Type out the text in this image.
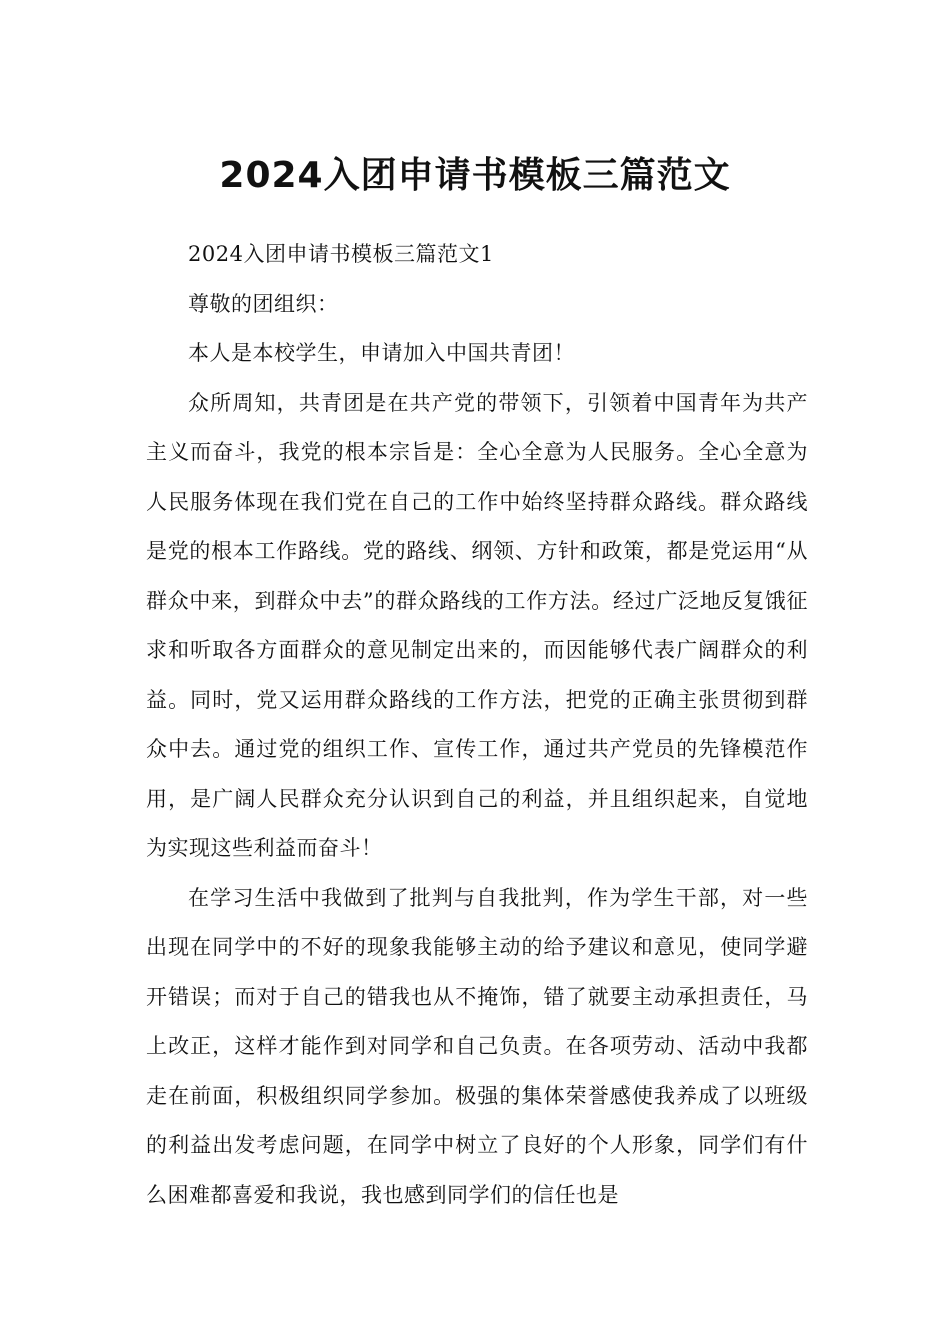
2024入团申请书模板三篇范文

2024入团申请书模板三篇范文1

尊敬的团组织：

本人是本校学生，申请加入中国共青团！

众所周知，共青团是在共产党的带领下，引领着中国青年为共产主义而奋斗，我党的根本宗旨是：全心全意为人民服务。全心全意为人民服务体现在我们党在自己的工作中始终坚持群众路线。群众路线是党的根本工作路线。党的路线、纲领、方针和政策，都是党运用“从群众中来，到群众中去”的群众路线的工作方法。经过广泛地反复饿征求和听取各方面群众的意见制定出来的，而因能够代表广阔群众的利益。同时，党又运用群众路线的工作方法，把党的正确主张贯彻到群众中去。通过党的组织工作、宣传工作，通过共产党员的先锋模范作用，是广阔人民群众充分认识到自己的利益，并且组织起来，自觉地为实现这些利益而奋斗！

在学习生活中我做到了批判与自我批判，作为学生干部，对一些出现在同学中的不好的现象我能够主动的给予建议和意见，使同学避开错误；而对于自己的错我也从不掩饰，错了就要主动承担责任，马上改正，这样才能作到对同学和自己负责。在各项劳动、活动中我都走在前面，积极组织同学参加。极强的集体荣誉感使我养成了以班级的利益出发考虑问题，在同学中树立了良好的个人形象，同学们有什么困难都喜爱和我说，我也感到同学们的信任也是
